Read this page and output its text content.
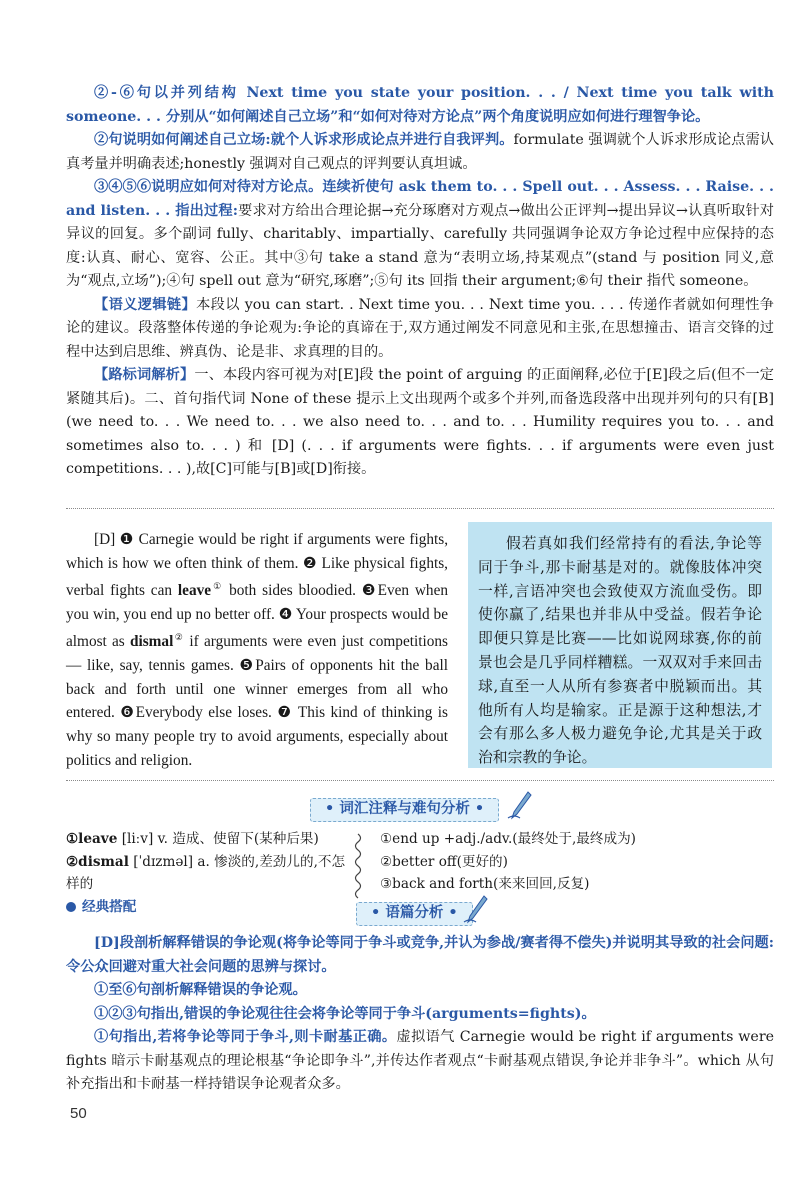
②-⑥句以并列结构 Next time you state your position. . . / Next time you talk with someone. . . 分别从“如何阐述自己立场”和“如何对待对方论点”两个角度说明应如何进行理智争论。

②句说明如何阐述自己立场:就个人诉求形成论点并进行自我评判。formulate 强调就个人诉求形成论点需认真考量并明确表述;honestly 强调对自己观点的评判要认真坦诚。

③④⑤⑥说明应如何对待对方论点。连续祈使句 ask them to. . . Spell out. . . Assess. . . Raise. . . and listen. . . 指出过程:要求对方给出合理论据→充分琢磨对方观点→做出公正评判→提出异议→认真听取针对异议的回复。多个副词 fully、charitably、impartially、carefully 共同强调争论双方争论过程中应保持的态度:认真、耐心、宽容、公正。其中③句 take a stand 意为“表明立场,持某观点”(stand 与 position 同义,意为“观点,立场”);④句 spell out 意为“研究,琢磨”;⑤句 its 回指 their argument;⑥句 their 指代 someone。

【语义逻辑链】本段以 you can start. . Next time you. . . Next time you. . . . 传递作者就如何理性争论的建议。段落整体传递的争论观为:争论的真谛在于,双方通过阐发不同意见和主张,在思想撞击、语言交锋的过程中达到启思维、辨真伪、论是非、求真理的目的。

【路标词解析】一、本段内容可视为对[E]段 the point of arguing 的正面阐释,必位于[E]段之后(但不一定紧随其后)。二、首句指代词 None of these 提示上文出现两个或多个并列,而备选段落中出现并列句的只有[B](we need to. . . We need to. . . we also need to. . . and to. . . Humility requires you to. . . and sometimes also to. . . ) 和 [D] (. . . if arguments were fights. . . if arguments were even just competitions. . . ),故[C]可能与[B]或[D]衔接。

[D] ❶ Carnegie would be right if arguments were fights, which is how we often think of them. ❷ Like physical fights, verbal fights can leave① both sides bloodied. ❸Even when you win, you end up no better off. ❹ Your prospects would be almost as dismal② if arguments were even just competitions — like, say, tennis games. ❺Pairs of opponents hit the ball back and forth until one winner emerges from all who entered. ❻Everybody else loses. ❼ This kind of thinking is why so many people try to avoid arguments, especially about politics and religion.

假若真如我们经常持有的看法,争论等同于争斗,那卡耐基是对的。就像肢体冲突一样,言语冲突也会致使双方流血受伤。即使你赢了,结果也并非从中受益。假若争论即便只算是比赛——比如说网球赛,你的前景也会是几乎同样糟糕。一双双对手来回击球,直至一人从所有参赛者中脱颖而出。其他所有人均是输家。正是源于这种想法,才会有那么多人极力避免争论,尤其是关于政治和宗教的争论。
• 词汇注释与难句分析 •
①leave [liːv] v. 造成、使留下(某种后果)
②dismal [ˈdɪzməl] a. 惨淡的,差劲儿的,不怎样的
经典搭配
①end up +adj./adv.(最终处于,最终成为)
②better off(更好的)
③back and forth(来来回回,反复)
• 语篇分析 •

[D]段剖析解释错误的争论观(将争论等同于争斗或竞争,并认为参战/赛者得不偿失)并说明其导致的社会问题:令公众回避对重大社会问题的思辨与探讨。

①至⑥句剖析解释错误的争论观。

①②③句指出,错误的争论观往往会将争论等同于争斗(arguments=fights)。

①句指出,若将争论等同于争斗,则卡耐基正确。虚拟语气 Carnegie would be right if arguments were fights 暗示卡耐基观点的理论根基“争论即争斗”,并传达作者观点“卡耐基观点错误,争论并非争斗”。which 从句补充指出和卡耐基一样持错误争论观者众多。

50
